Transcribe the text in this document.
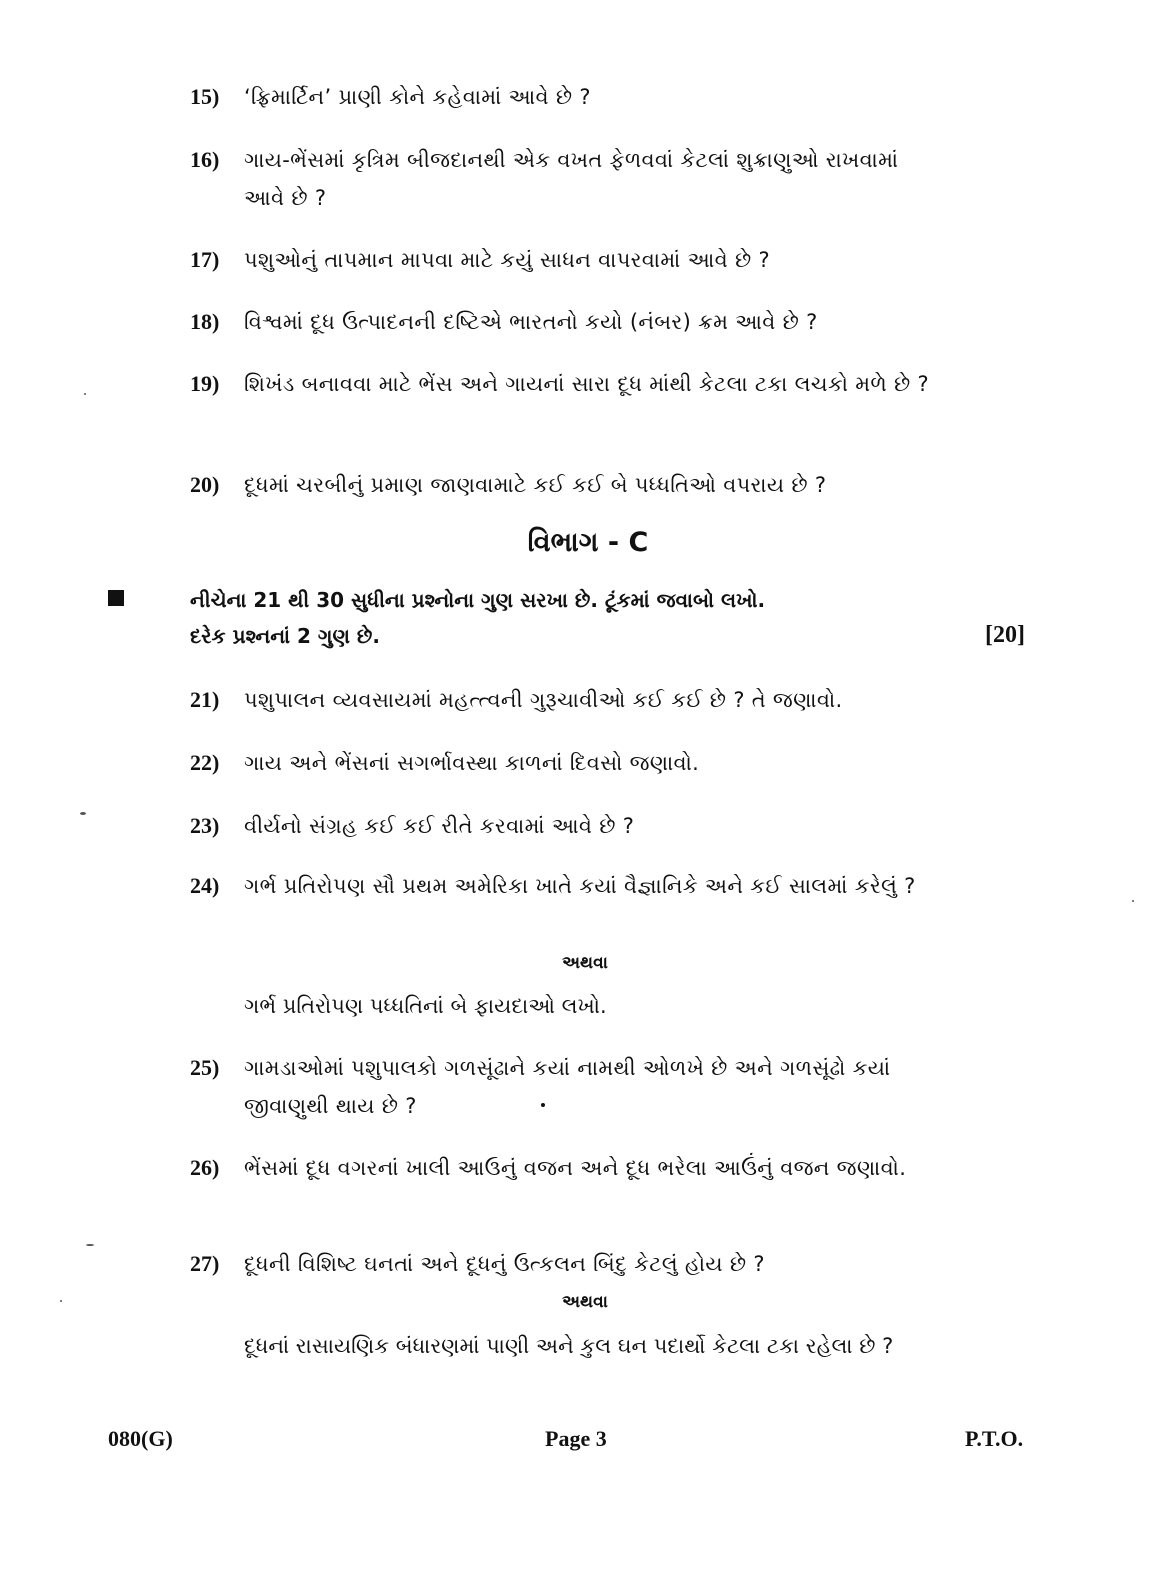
15)	‘ફ્રિમાર્ટિન’ પ્રાણી કોને કહેવામાં આવે છે ?
16)	ગાય-ભેંસમાં કૃત્રિમ બીજદાનથી એક વખત ફેળવવાં કેટલાં શુક્રાણુઓ રાખવામાં આવે છે ?
17)	પશુઓનું તાપમાન માપવા માટે કયું સાધન વાપરવામાં આવે છે ?
18)	વિશ્વમાં દૂધ ઉત્પાદનની દષ્ટિએ ભારતનો કયો (નંબર) ક્રમ આવે છે ?
19)	શિખંડ બનાવવા માટે ભેંસ અને ગાયનાં સારા દૂધ માંથી કેટલા ટકા લચકો મળે છે ?
20)	દૂધમાં ચરબીનું પ્રમાણ જાણવામાટે કઈ કઈ બે પધ્ધતિઓ વપરાય છે ?
વિભાગ - C
નીચેના 21 થી 30 સુધીના પ્રશ્નોના ગુણ સરખા છે. ટૂંકમાં જવાબો લખો.
દરેક પ્રશ્નનાં 2 ગુણ છે.	[20]
21)	પશુપાલન વ્યવસાયમાં મહત્ત્વની ગુરૂચાવીઓ કઈ કઈ છે ? તે જણાવો.
22)	ગાય અને ભેંસનાં સગર્ભાવસ્થા કાળનાં દિવસો જણાવો.
23)	વીર્યનો સંગ્રહ કઈ કઈ રીતે કરવામાં આવે છે ?
24)	ગર્ભ પ્રતિરોપણ સૌ પ્રથમ અમેરિકા ખાતે કયાં વૈજ્ઞાનિકે અને કઈ સાલમાં કરેલું ?
અથવા
ગર્ભ પ્રતિરોપણ પધ્ધતિનાં બે ફાયદાઓ લખો.
25)	ગામડાઓમાં પશુપાલકો ગળસૂંઢાને કયાં નામથી ઓળખે છે અને ગળસૂંઢો કયાં જીવાણુથી થાય છે ?
26)	ભેંસમાં દૂધ વગરનાં ખાલી આઉનું વજન અને દૂધ ભરેલા આઉંનું વજન જણાવો.
27)	દૂધની વિશિષ્ટ ઘનતાં અને દૂધનું ઉત્કલન બિંદુ કેટલું હોય છે ?
અથવા
દૂધનાં રાસાયણિક બંધારણમાં પાણી અને કુલ ઘન પદાર્થો કેટલા ટકા રહેલા છે ?
080(G)	Page 3	P.T.O.
